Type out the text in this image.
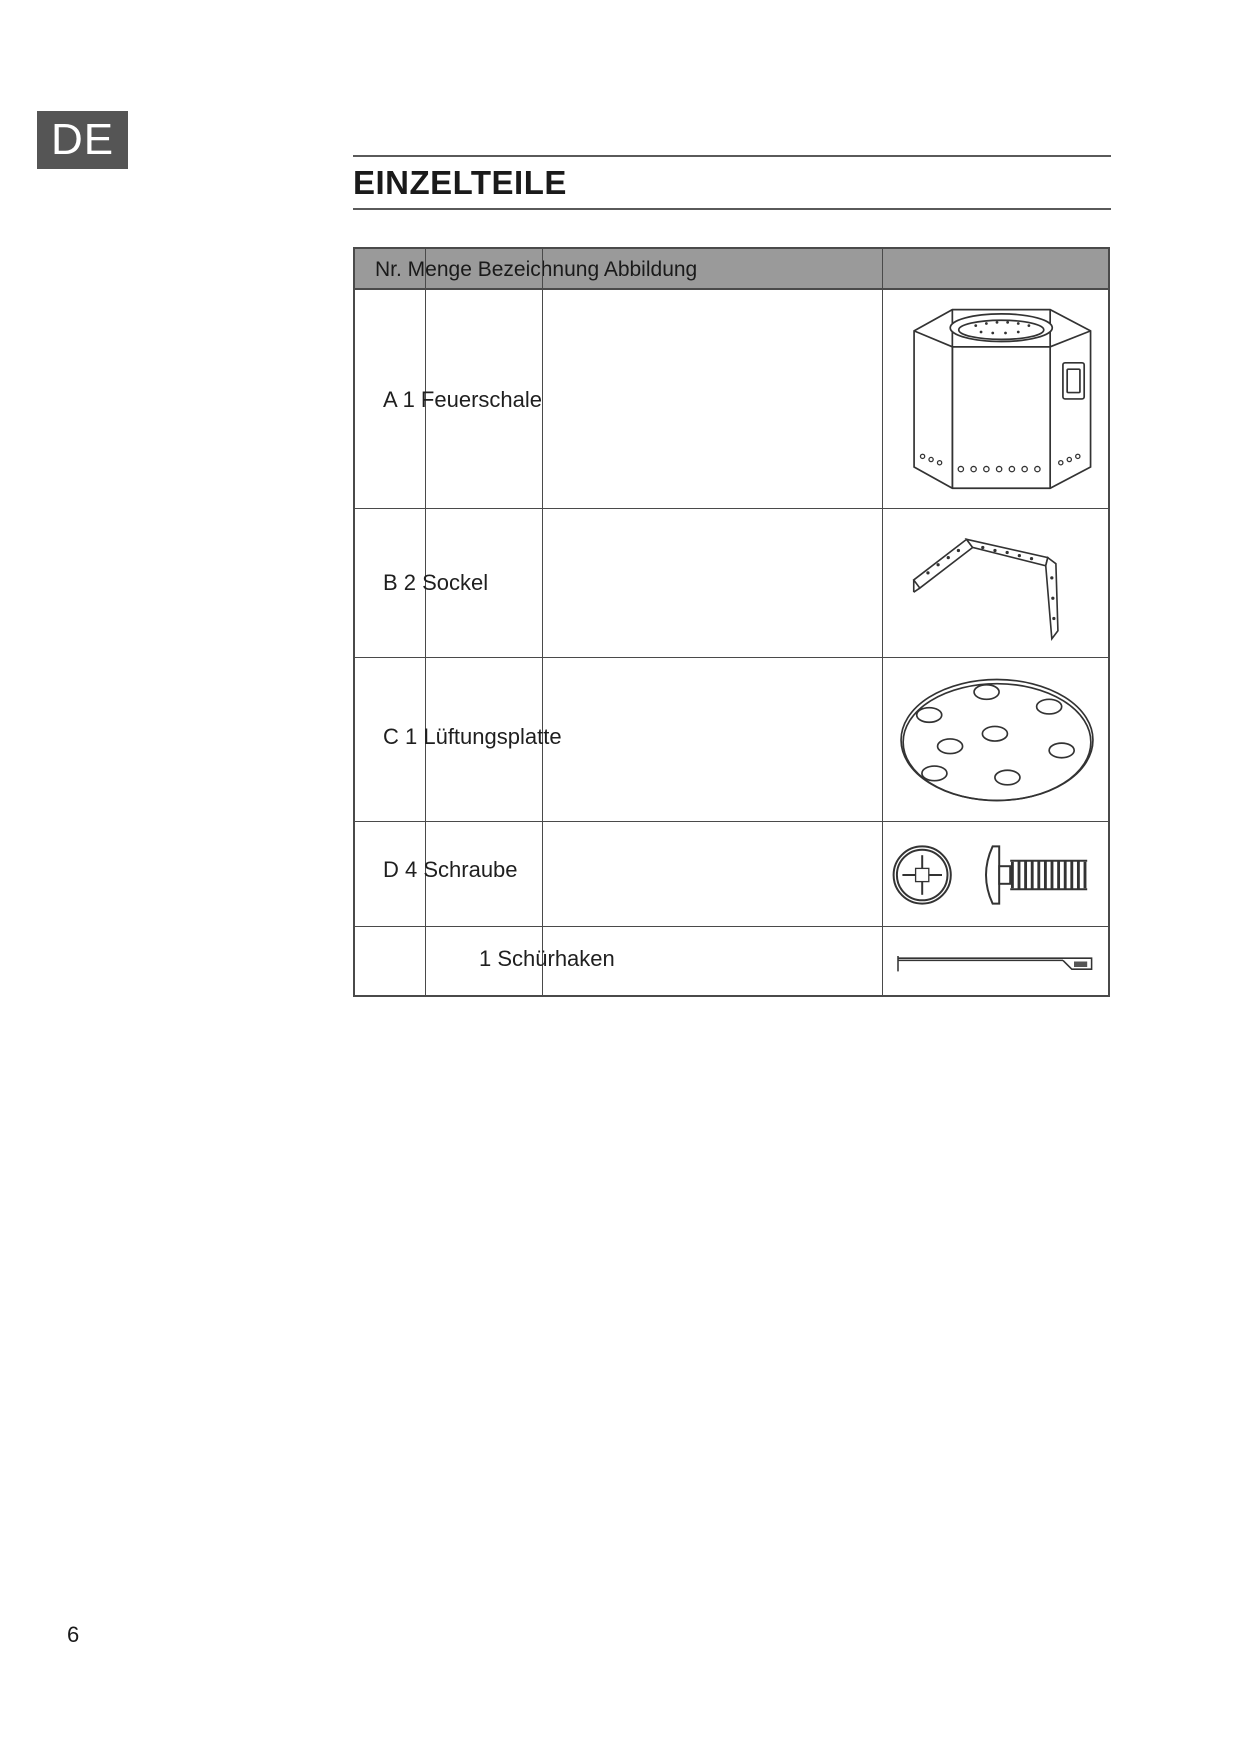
DE
EINZELTEILE
Nr. Menge Bezeichnung Abbildung
A 1 Feuerschale
B 2 Sockel
C 1 Lüftungsplatte
D 4 Schraube
1 Schürhaken
6
